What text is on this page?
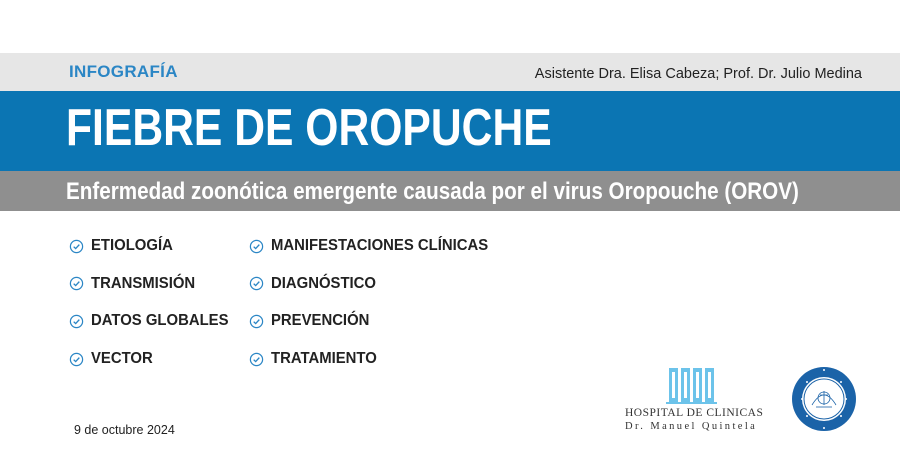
INFOGRAFÍA	Asistente Dra. Elisa Cabeza; Prof. Dr. Julio Medina
FIEBRE DE OROPUCHE
Enfermedad zoonótica emergente causada por el virus Oropouche (OROV)
ETIOLOGÍA
TRANSMISIÓN
DATOS GLOBALES
VECTOR
MANIFESTACIONES CLÍNICAS
DIAGNÓSTICO
PREVENCIÓN
TRATAMIENTO
9 de octubre 2024
HOSPITAL DE CLINICAS
Dr. Manuel Quintela
